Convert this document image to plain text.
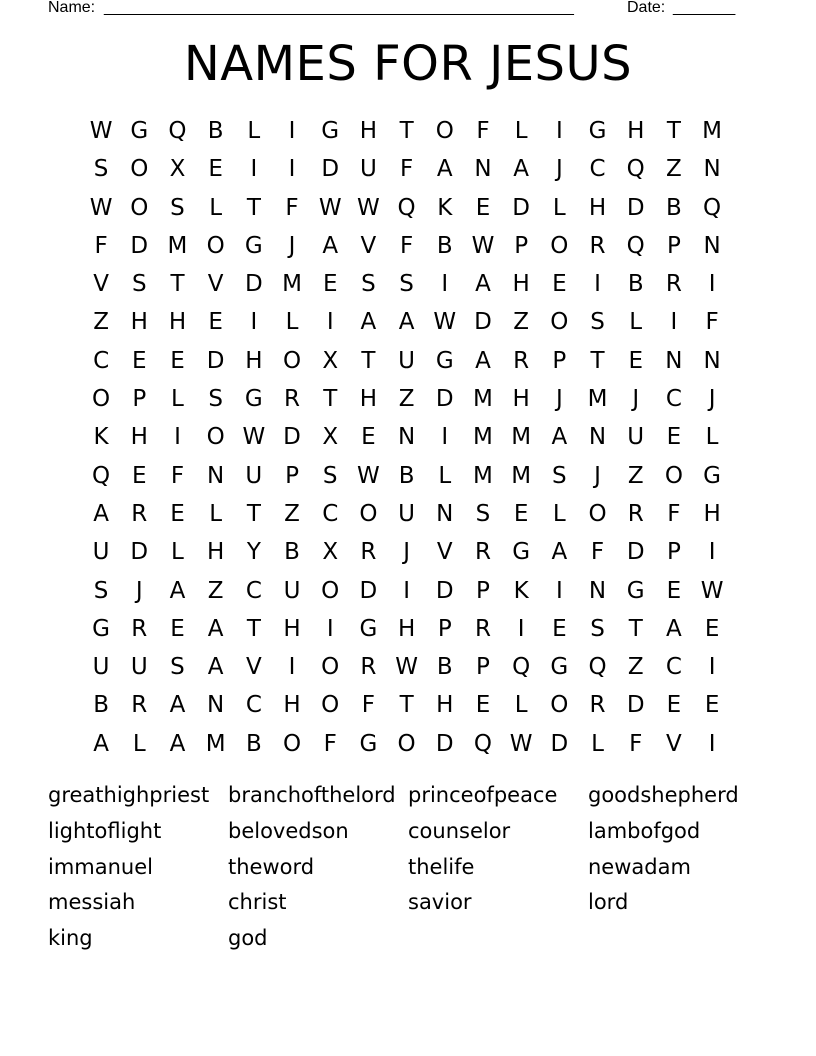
Name: ______________________________________________________	Date: _______
NAMES FOR JESUS
W G Q B	L	I	G H T O F	L	I	G H T M
S O X	E	I	I	D U	F	A N A	J	C Q Z N
W O S	L	T	F W W Q K	E D L	H D B Q
F D M O G	J	A V	F	B W P O R Q P N
V	S	T	V D M E	S	S	I	A H E	I	B R	I
Z H H E	I	L	I	A A W D Z O S	L	I	F
C E	E D H O X	T U G A R	P	T	E N N
O P	L	S G R	T H Z D M H	J	M	J	C	J
K H	I	O W D X	E N	I	M M A N U E	L
Q E	F N U P	S W B	L M M S	J	Z O G
A R E	L	T	Z C O U N S	E	L O R	F H
U D L	H Y	B X R	J	V R G A	F D P	I
S	J	A Z C U O D	I	D P	K	I	N G E W
G R E	A	T H	I	G H P	R	I	E	S	T	A	E
U U S	A V	I	O R W B	P Q G Q Z C	I
B R A N C H O F	T H E	L O R D E	E
A	L	A M B O F G O D Q W D L	F	V	I
greathighpriest branchofthelord princeofpeace	goodshepherd
lightoflight	belovedson	counselor	lambofgod
immanuel	theword	thelife	newadam
messiah	christ	savior	lord
king	god
